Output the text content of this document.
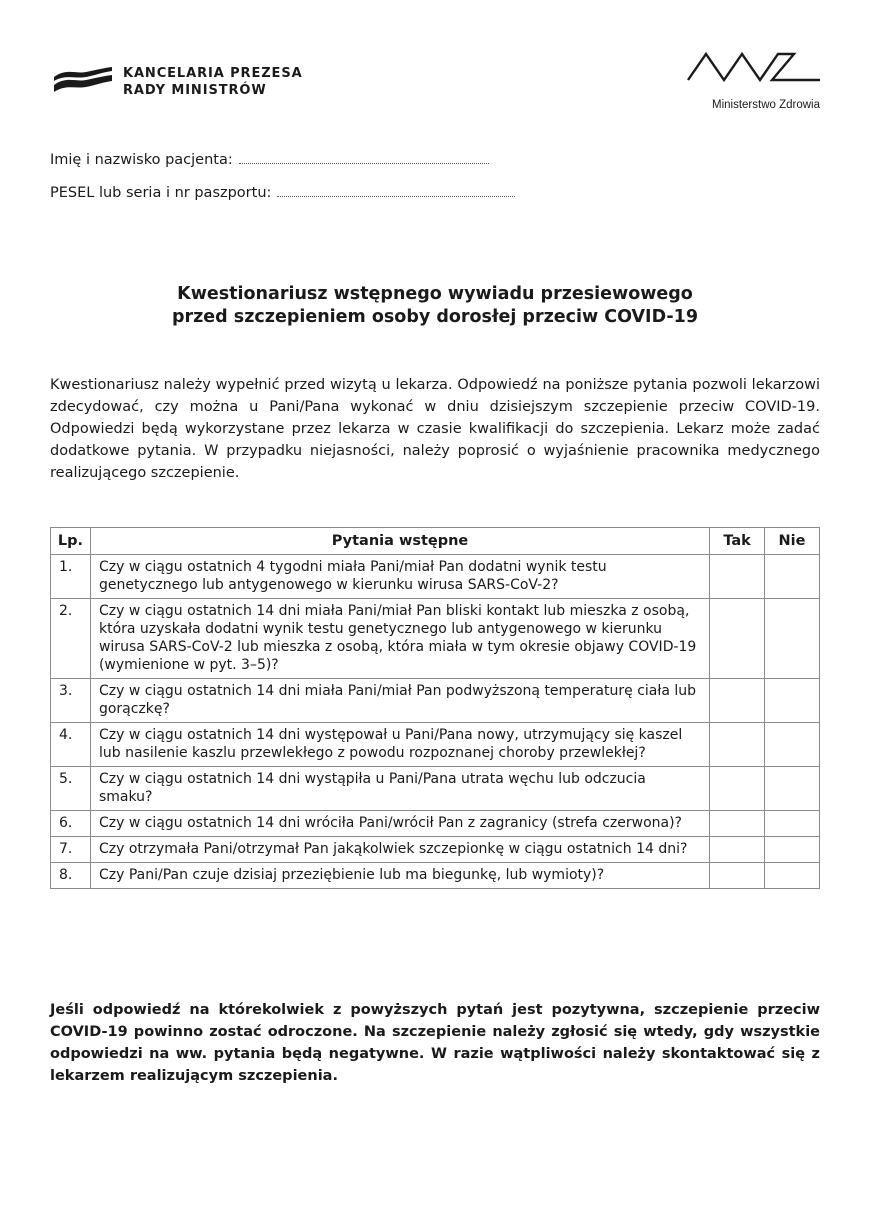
KANCELARIA PREZESA
RADY MINISTRÓW
Ministerstwo Zdrowia
Imię i nazwisko pacjenta:
PESEL lub seria i nr paszportu:
Kwestionariusz wstępnego wywiadu przesiewowego
przed szczepieniem osoby dorosłej przeciw COVID-19

Kwestionariusz należy wypełnić przed wizytą u lekarza. Odpowiedź na poniższe pytania pozwoli lekarzowi zdecydować, czy można u Pani/Pana wykonać w dniu dzisiejszym szczepienie przeciw COVID-19. Odpowiedzi będą wykorzystane przez lekarza w czasie kwalifikacji do szczepienia. Lekarz może zadać dodatkowe pytania. W przypadku niejasności, należy poprosić o wyjaśnienie pracownika medycznego realizującego szczepienie.

Lp.	Pytania wstępne	Tak	Nie
1.	Czy w ciągu ostatnich 4 tygodni miała Pani/miał Pan dodatni wynik testu genetycznego lub antygenowego w kierunku wirusa SARS-CoV-2?		
2.	Czy w ciągu ostatnich 14 dni miała Pani/miał Pan bliski kontakt lub mieszka z osobą, która uzyskała dodatni wynik testu genetycznego lub antygenowego w kierunku wirusa SARS-CoV-2 lub mieszka z osobą, która miała w tym okresie objawy COVID-19 (wymienione w pyt. 3–5)?		
3.	Czy w ciągu ostatnich 14 dni miała Pani/miał Pan podwyższoną temperaturę ciała lub gorączkę?		
4.	Czy w ciągu ostatnich 14 dni występował u Pani/Pana nowy, utrzymujący się kaszel lub nasilenie kaszlu przewlekłego z powodu rozpoznanej choroby przewlekłej?		
5.	Czy w ciągu ostatnich 14 dni wystąpiła u Pani/Pana utrata węchu lub odczucia smaku?		
6.	Czy w ciągu ostatnich 14 dni wróciła Pani/wrócił Pan z zagranicy (strefa czerwona)?		
7.	Czy otrzymała Pani/otrzymał Pan jakąkolwiek szczepionkę w ciągu ostatnich 14 dni?		
8.	Czy Pani/Pan czuje dzisiaj przeziębienie lub ma biegunkę, lub wymioty)?		

Jeśli odpowiedź na którekolwiek z powyższych pytań jest pozytywna, szczepienie przeciw COVID-19 powinno zostać odroczone. Na szczepienie należy zgłosić się wtedy, gdy wszystkie odpowiedzi na ww. pytania będą negatywne. W razie wątpliwości należy skontaktować się z lekarzem realizującym szczepienia.
